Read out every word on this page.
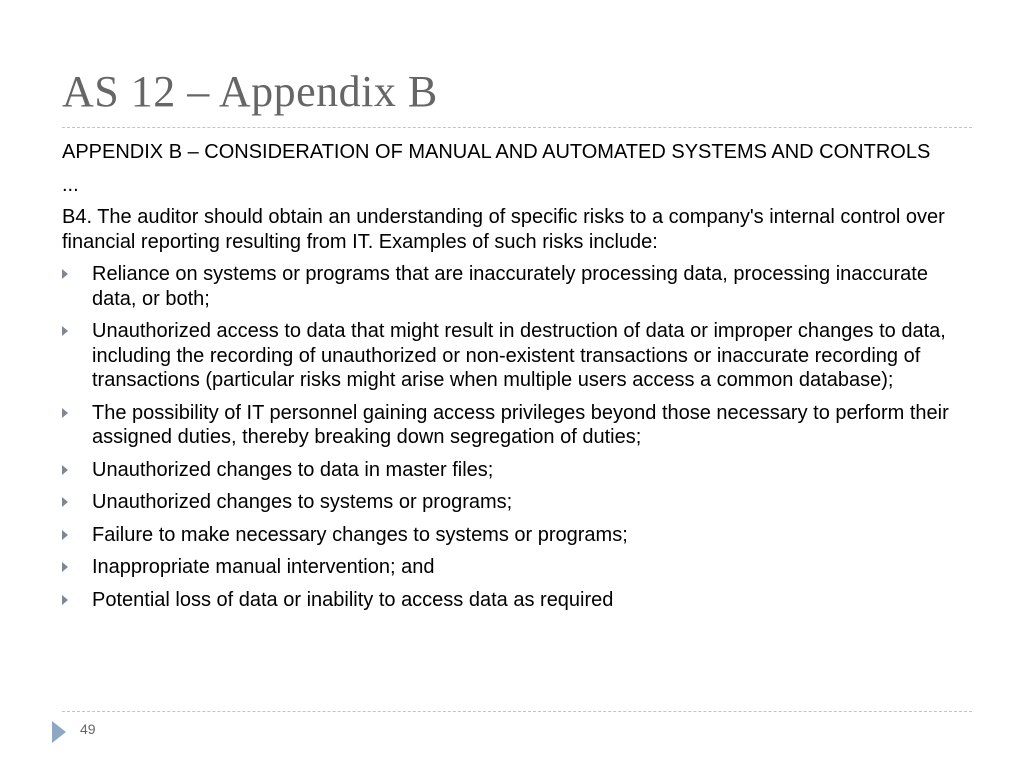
AS 12 – Appendix B

APPENDIX B – CONSIDERATION OF MANUAL AND AUTOMATED SYSTEMS AND CONTROLS

...

B4. The auditor should obtain an understanding of specific risks to a company's internal control over financial reporting resulting from IT. Examples of such risks include:

Reliance on systems or programs that are inaccurately processing data, processing inaccurate data, or both;
Unauthorized access to data that might result in destruction of data or improper changes to data, including the recording of unauthorized or non-existent transactions or inaccurate recording of transactions (particular risks might arise when multiple users access a common database);
The possibility of IT personnel gaining access privileges beyond those necessary to perform their assigned duties, thereby breaking down segregation of duties;
Unauthorized changes to data in master files;
Unauthorized changes to systems or programs;
Failure to make necessary changes to systems or programs;
Inappropriate manual intervention; and
Potential loss of data or inability to access data as required
49
